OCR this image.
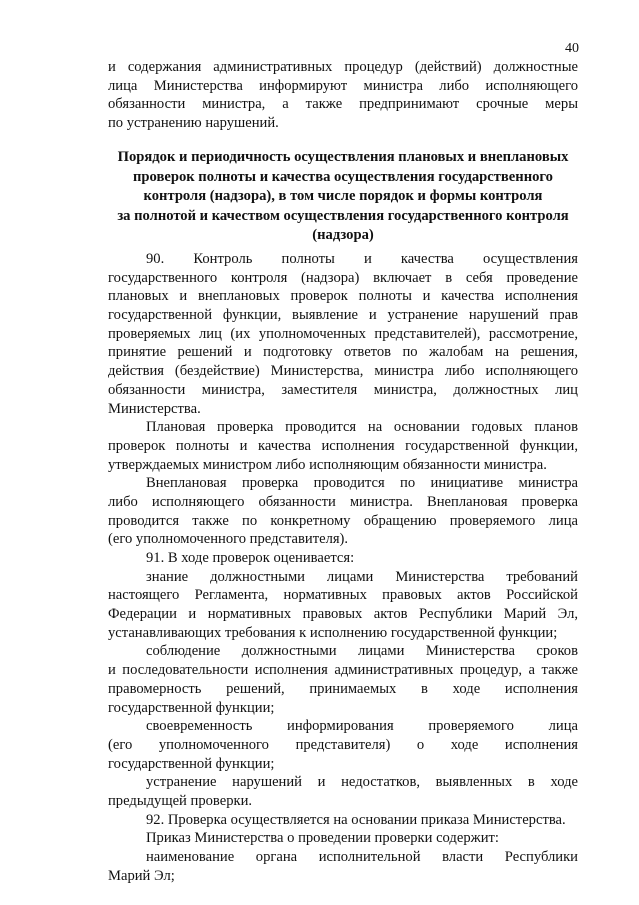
40
и содержания административных процедур (действий) должностные
лица Министерства информируют министра либо исполняющего
обязанности министра, а также предпринимают срочные меры
по устранению нарушений.
Порядок и периодичность осуществления плановых и внеплановых
проверок полноты и качества осуществления государственного
контроля (надзора), в том числе порядок и формы контроля
за полнотой и качеством осуществления государственного контроля
(надзора)
90. Контроль полноты и качества осуществления
государственного контроля (надзора) включает в себя проведение
плановых и внеплановых проверок полноты и качества исполнения
государственной функции, выявление и устранение нарушений прав
проверяемых лиц (их уполномоченных представителей), рассмотрение,
принятие решений и подготовку ответов по жалобам на решения,
действия (бездействие) Министерства, министра либо исполняющего
обязанности министра, заместителя министра, должностных лиц
Министерства.
Плановая проверка проводится на основании годовых планов
проверок полноты и качества исполнения государственной функции,
утверждаемых министром либо исполняющим обязанности министра.
Внеплановая проверка проводится по инициативе министра
либо исполняющего обязанности министра. Внеплановая проверка
проводится также по конкретному обращению проверяемого лица
(его уполномоченного представителя).
91. В ходе проверок оценивается:
знание должностными лицами Министерства требований
настоящего Регламента, нормативных правовых актов Российской
Федерации и нормативных правовых актов Республики Марий Эл,
устанавливающих требования к исполнению государственной функции;
соблюдение должностными лицами Министерства сроков
и последовательности исполнения административных процедур, а также
правомерность решений, принимаемых в ходе исполнения
государственной функции;
своевременность информирования проверяемого лица
(его уполномоченного представителя) о ходе исполнения
государственной функции;
устранение нарушений и недостатков, выявленных в ходе
предыдущей проверки.
92. Проверка осуществляется на основании приказа Министерства.
Приказ Министерства о проведении проверки содержит:
наименование органа исполнительной власти Республики
Марий Эл;
